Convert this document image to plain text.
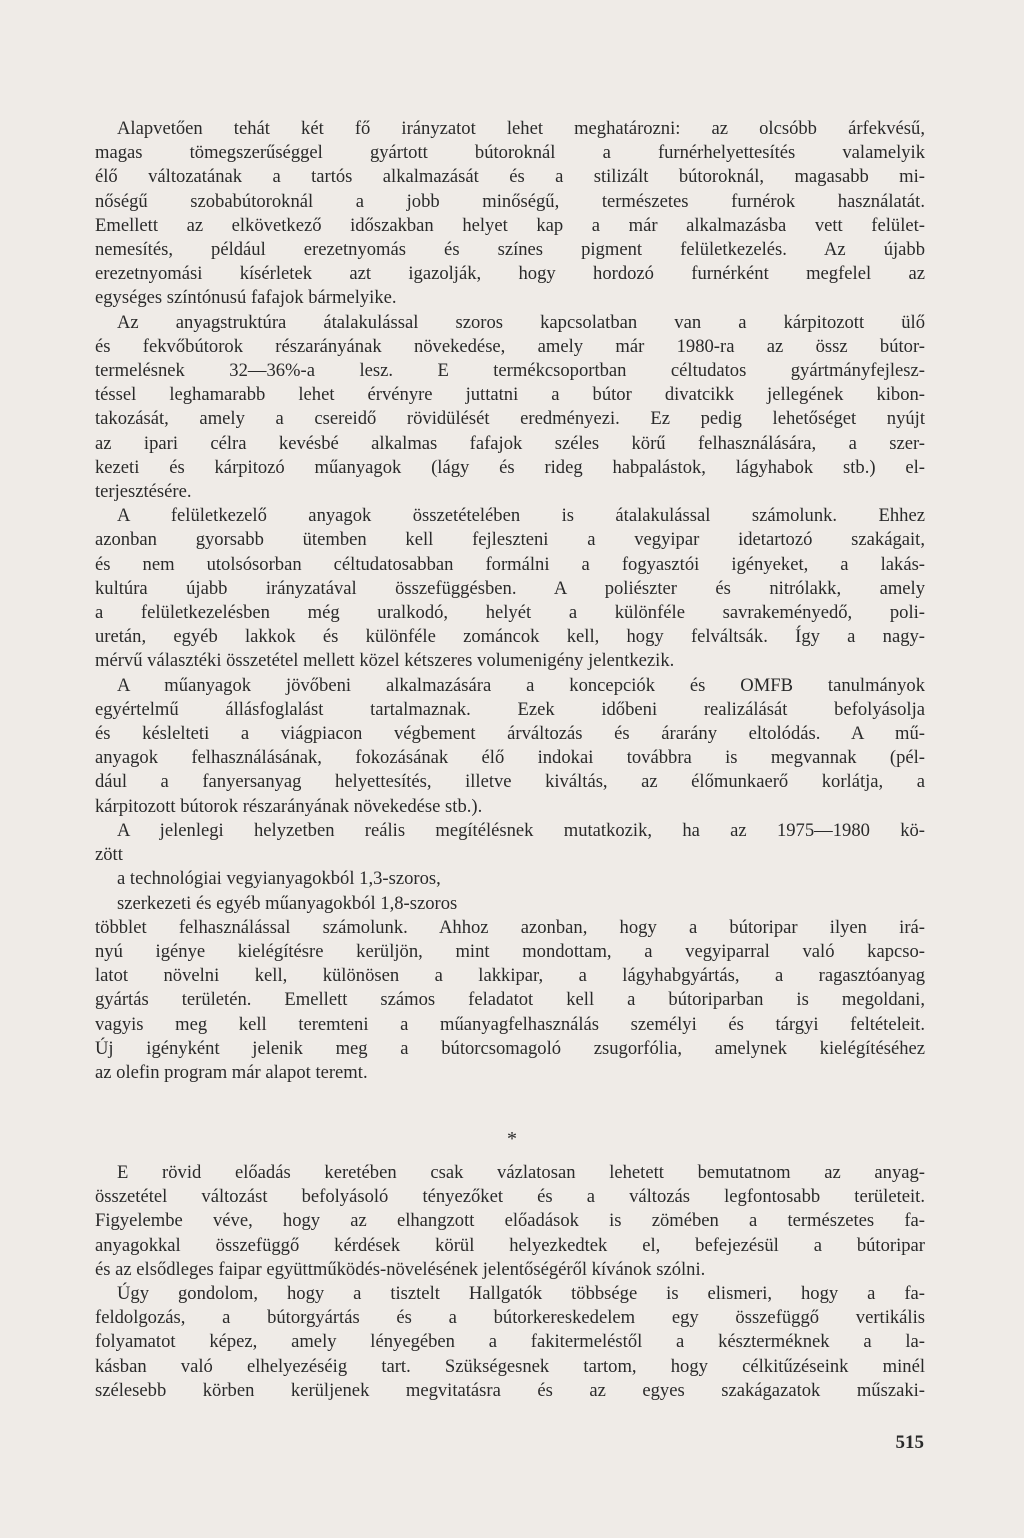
Alapvetően tehát két fő irányzatot lehet meghatározni: az olcsóbb árfekvésű,
magas tömegszerűséggel gyártott bútoroknál a furnérhelyettesítés valamelyik
élő változatának a tartós alkalmazását és a stilizált bútoroknál, magasabb mi-
nőségű szobabútoroknál a jobb minőségű, természetes furnérok használatát.
Emellett az elkövetkező időszakban helyet kap a már alkalmazásba vett felület-
nemesítés, például erezetnyomás és színes pigment felületkezelés. Az újabb
erezetnyomási kísérletek azt igazolják, hogy hordozó furnérként megfelel az
egységes színtónusú fafajok bármelyike.
Az anyagstruktúra átalakulással szoros kapcsolatban van a kárpitozott ülő
és fekvőbútorok részarányának növekedése, amely már 1980-ra az össz bútor-
termelésnek 32—36%-a lesz. E termékcsoportban céltudatos gyártmányfejlesz-
téssel leghamarabb lehet érvényre juttatni a bútor divatcikk jellegének kibon-
takozását, amely a csereidő rövidülését eredményezi. Ez pedig lehetőséget nyújt
az ipari célra kevésbé alkalmas fafajok széles körű felhasználására, a szer-
kezeti és kárpitozó műanyagok (lágy és rideg habpalástok, lágyhabok stb.) el-
terjesztésére.
A felületkezelő anyagok összetételében is átalakulással számolunk. Ehhez
azonban gyorsabb ütemben kell fejleszteni a vegyipar idetartozó szakágait,
és nem utolsósorban céltudatosabban formálni a fogyasztói igényeket, a lakás-
kultúra újabb irányzatával összefüggésben. A poliészter és nitrólakk, amely
a felületkezelésben még uralkodó, helyét a különféle savrakeményedő, poli-
uretán, egyéb lakkok és különféle zománcok kell, hogy felváltsák. Így a nagy-
mérvű választéki összetétel mellett közel kétszeres volumenigény jelentkezik.
A műanyagok jövőbeni alkalmazására a koncepciók és OMFB tanulmányok
egyértelmű állásfoglalást tartalmaznak. Ezek időbeni realizálását befolyásolja
és késlelteti a viágpiacon végbement árváltozás és árarány eltolódás. A mű-
anyagok felhasználásának, fokozásának élő indokai továbbra is megvannak (pél-
dául a fanyersanyag helyettesítés, illetve kiváltás, az élőmunkaerő korlátja, a
kárpitozott bútorok részarányának növekedése stb.).
A jelenlegi helyzetben reális megítélésnek mutatkozik, ha az 1975—1980 kö-
zött
a technológiai vegyianyagokból 1,3-szoros,
szerkezeti és egyéb műanyagokból 1,8-szoros
többlet felhasználással számolunk. Ahhoz azonban, hogy a bútoripar ilyen irá-
nyú igénye kielégítésre kerüljön, mint mondottam, a vegyiparral való kapcso-
latot növelni kell, különösen a lakkipar, a lágyhabgyártás, a ragasztóanyag
gyártás területén. Emellett számos feladatot kell a bútoriparban is megoldani,
vagyis meg kell teremteni a műanyagfelhasználás személyi és tárgyi feltételeit.
Új igényként jelenik meg a bútorcsomagoló zsugorfólia, amelynek kielégítéséhez
az olefin program már alapot teremt.
*
E rövid előadás keretében csak vázlatosan lehetett bemutatnom az anyag-
összetétel változást befolyásoló tényezőket és a változás legfontosabb területeit.
Figyelembe véve, hogy az elhangzott előadások is zömében a természetes fa-
anyagokkal összefüggő kérdések körül helyezkedtek el, befejezésül a bútoripar
és az elsődleges faipar együttműködés-növelésének jelentőségéről kívánok szólni.
Úgy gondolom, hogy a tisztelt Hallgatók többsége is elismeri, hogy a fa-
feldolgozás, a bútorgyártás és a bútorkereskedelem egy összefüggő vertikális
folyamatot képez, amely lényegében a fakitermeléstől a készterméknek a la-
kásban való elhelyezéséig tart. Szükségesnek tartom, hogy célkitűzéseink minél
szélesebb körben kerüljenek megvitatásra és az egyes szakágazatok műszaki-
515
